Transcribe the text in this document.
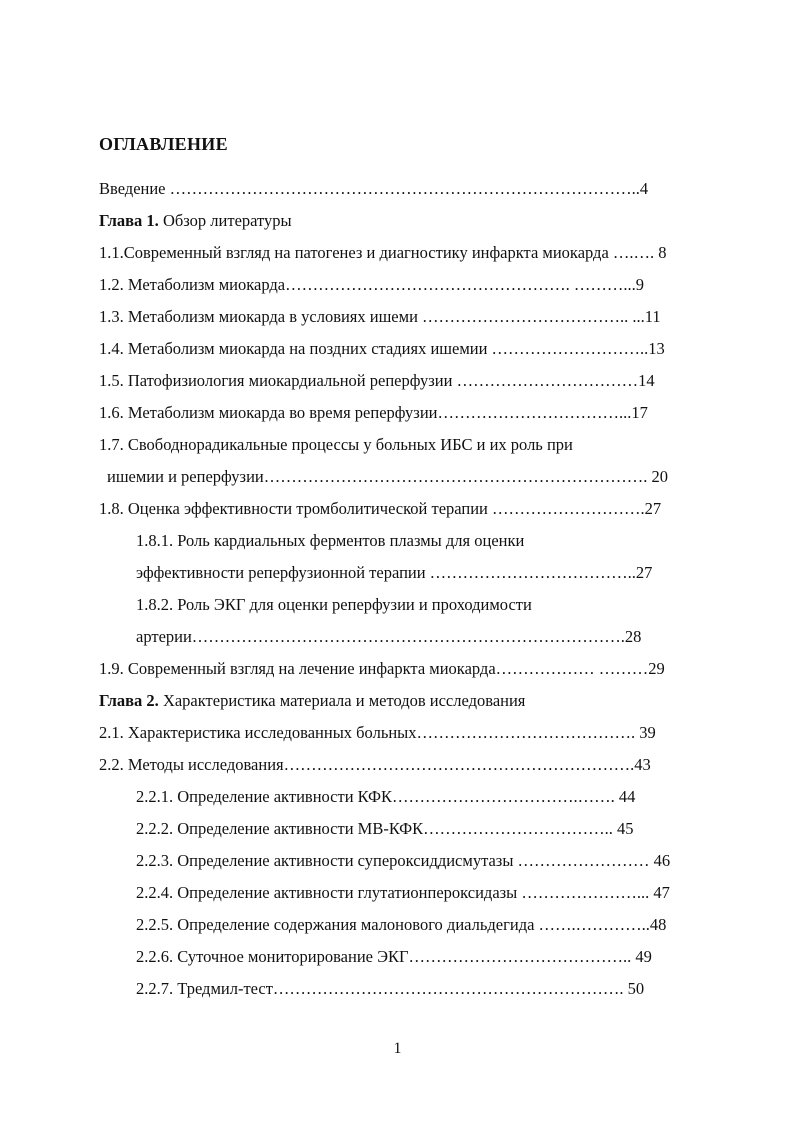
ОГЛАВЛЕНИЕ
Введение …………………………………………………………………………..4
Глава 1. Обзор литературы
1.1.Современный взгляд на патогенез и диагностику инфаркта миокарда ….…. 8
1.2. Метаболизм миокарда……………………………………………. ………...9
1.3. Метаболизм миокарда в условиях ишеми ……………………………….. ...11
1.4. Метаболизм миокарда на поздних стадиях ишемии ………………………..13
1.5. Патофизиология миокардиальной реперфузии ……………………………14
1.6. Метаболизм миокарда во время реперфузии……………………………...17
1.7. Свободнорадикальные процессы у больных ИБС и их роль при
ишемии и реперфузии……………………………………………………………. 20
1.8. Оценка эффективности тромболитической терапии ……………………….27
1.8.1. Роль кардиальных ферментов плазмы для оценки
эффективности реперфузионной терапии ………………………………..27
1.8.2. Роль ЭКГ для оценки реперфузии и проходимости
артерии…………………………………………………………………….28
1.9. Современный взгляд на лечение инфаркта миокарда……………… ………29
Глава 2. Характеристика материала и методов исследования
2.1. Характеристика исследованных больных…………………………………. 39
2.2. Методы исследования……………………………………………………….43
2.2.1. Определение активности КФК…………………………….……. 44
2.2.2. Определение активности MB-КФК…………………………….. 45
2.2.3. Определение активности супероксиддисмутазы …………………… 46
2.2.4. Определение активности глутатионпероксидазы …………………... 47
2.2.5. Определение содержания малонового диальдегида …….…………..48
2.2.6. Суточное мониторирование ЭКГ………………………………….. 49
2.2.7. Тредмил-тест………………………………………………………. 50
1
